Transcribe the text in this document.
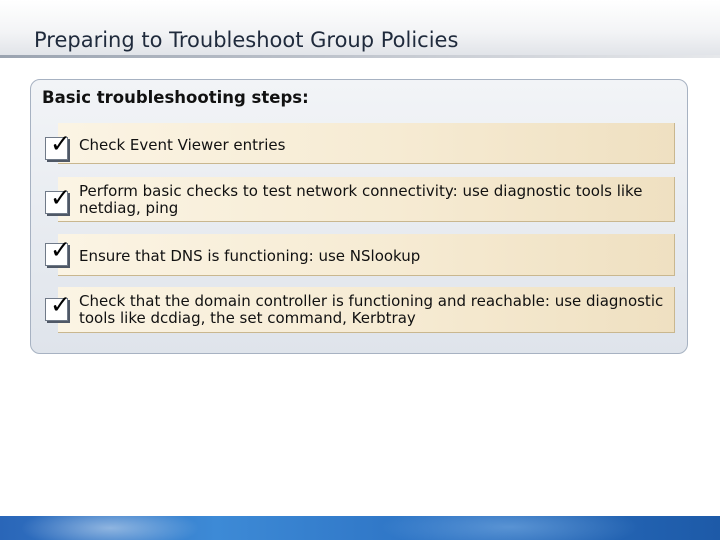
Preparing to Troubleshoot Group Policies
Basic troubleshooting steps:
Check Event Viewer entries
✓
Perform basic checks to test network connectivity: use diagnostic tools like netdiag, ping
✓
Ensure that DNS is functioning: use NSlookup
✓
Check that the domain controller is functioning and reachable: use diagnostic tools like dcdiag, the set command, Kerbtray
✓
